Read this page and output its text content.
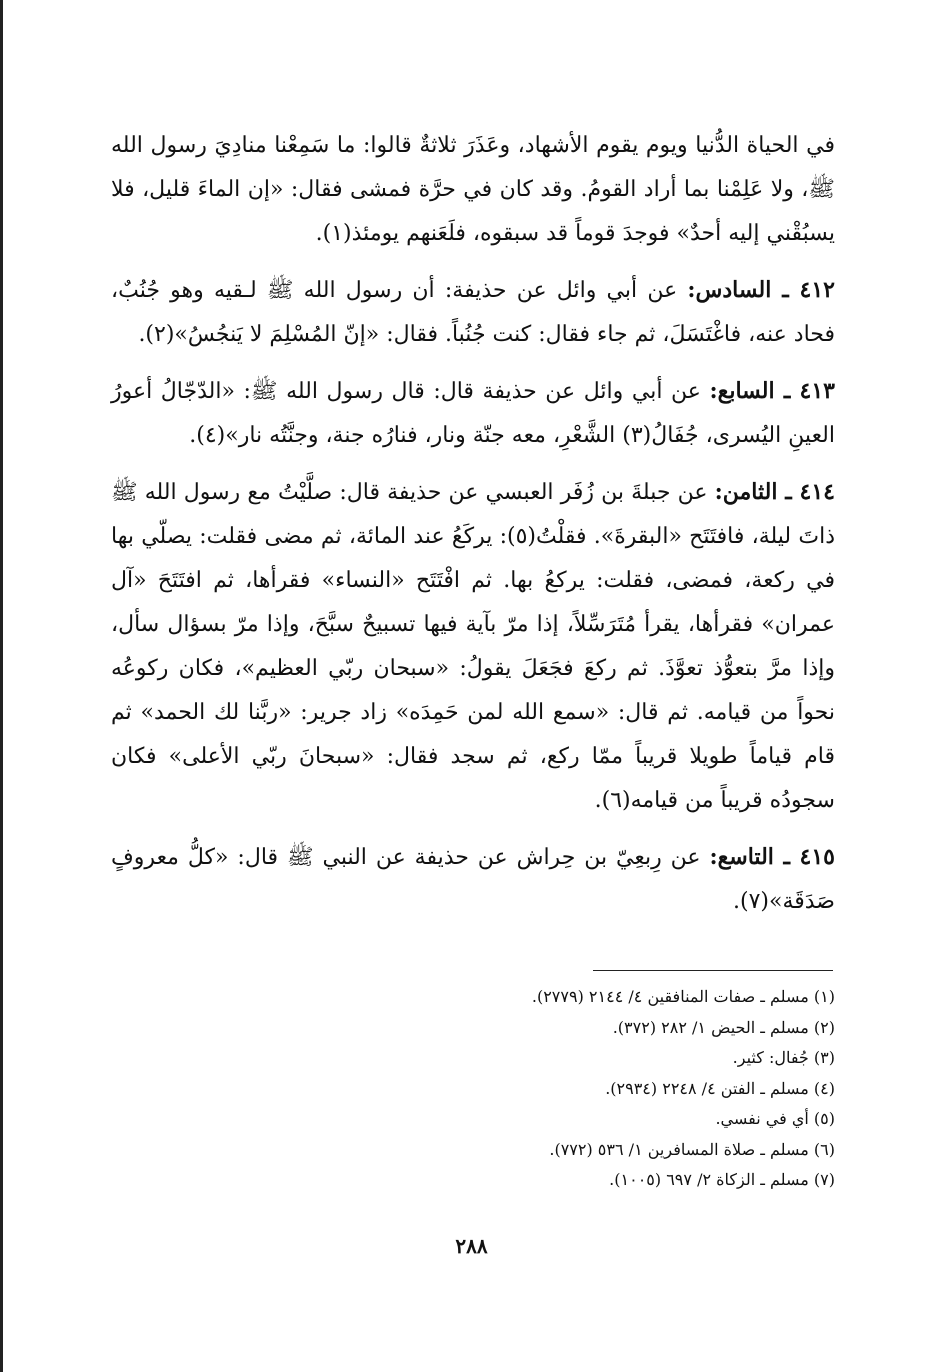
في الحياة الدُّنيا ويوم يقوم الأشهاد، وعَذَرَ ثلاثةٌ قالوا: ما سَمِعْنا منادِيَ رسول الله ﷺ، ولا عَلِمْنا بما أراد القومُ. وقد كان في حرَّة فمشى فقال: «إن الماءَ قليل، فلا يسبُقْني إليه أحدٌ» فوجدَ قوماً قد سبقوه، فلَعَنهم يومئذ(١).

٤١٢ ـ السادس: عن أبي وائل عن حذيفة: أن رسول الله ﷺ لـقيه وهو جُنُبٌ، فحاد عنه، فاغْتَسَلَ، ثم جاء فقال: كنت جُنُباً. فقال: «إنّ المُسْلِمَ لا يَنجُسُ»(٢).

٤١٣ ـ السابع: عن أبي وائل عن حذيفة قال: قال رسول الله ﷺ: «الدّجّالُ أعورُ العينِ اليُسرى، جُفَالُ(٣) الشَّعْرِ، معه جنّة ونار، فنارُه جنة، وجنَّتُه نار»(٤).

٤١٤ ـ الثامن: عن جبلةَ بن زُفَر العبسي عن حذيفة قال: صلَّيْتُ مع رسول الله ﷺ ذاتَ ليلة، فافتَتَح «البقرةَ». فقلْتُ(٥): يركَعُ عند المائة، ثم مضى فقلت: يصلّي بها في ركعة، فمضى، فقلت: يركعُ بها. ثم افْتَتَح «النساء» فقرأها، ثم افتَتَحَ «آل عمران» فقرأها، يقرأ مُتَرَسِّلاً، إذا مرّ بآية فيها تسبيحٌ سبَّحَ، وإذا مرّ بسؤال سأل، وإذا مرَّ بتعوُّذ تعوَّذَ. ثم ركعَ فجَعَلَ يقولُ: «سبحان ربّي العظيم»، فكان ركوعُه نحواً من قيامه. ثم قال: «سمع الله لمن حَمِدَه» زاد جرير: «ربَّنا لك الحمد» ثم قام قياماً طويلا قريباً ممّا ركع، ثم سجد فقال: «سبحانَ ربّي الأعلى» فكان سجودُه قريباً من قيامه(٦).

٤١٥ ـ التاسع: عن رِبعِيّ بن حِراش عن حذيفة عن النبي ﷺ قال: «كلُّ معروفٍ صَدَقَة»(٧).

(١) مسلم ـ صفات المنافقين ٤/ ٢١٤٤ (٢٧٧٩).

(٢) مسلم ـ الحيض ١/ ٢٨٢ (٣٧٢).

(٣) جُفال: كثير.

(٤) مسلم ـ الفتن ٤/ ٢٢٤٨ (٢٩٣٤).

(٥) أي في نفسي.

(٦) مسلم ـ صلاة المسافرين ١/ ٥٣٦ (٧٧٢).

(٧) مسلم ـ الزكاة ٢/ ٦٩٧ (١٠٠٥).

٢٨٨
